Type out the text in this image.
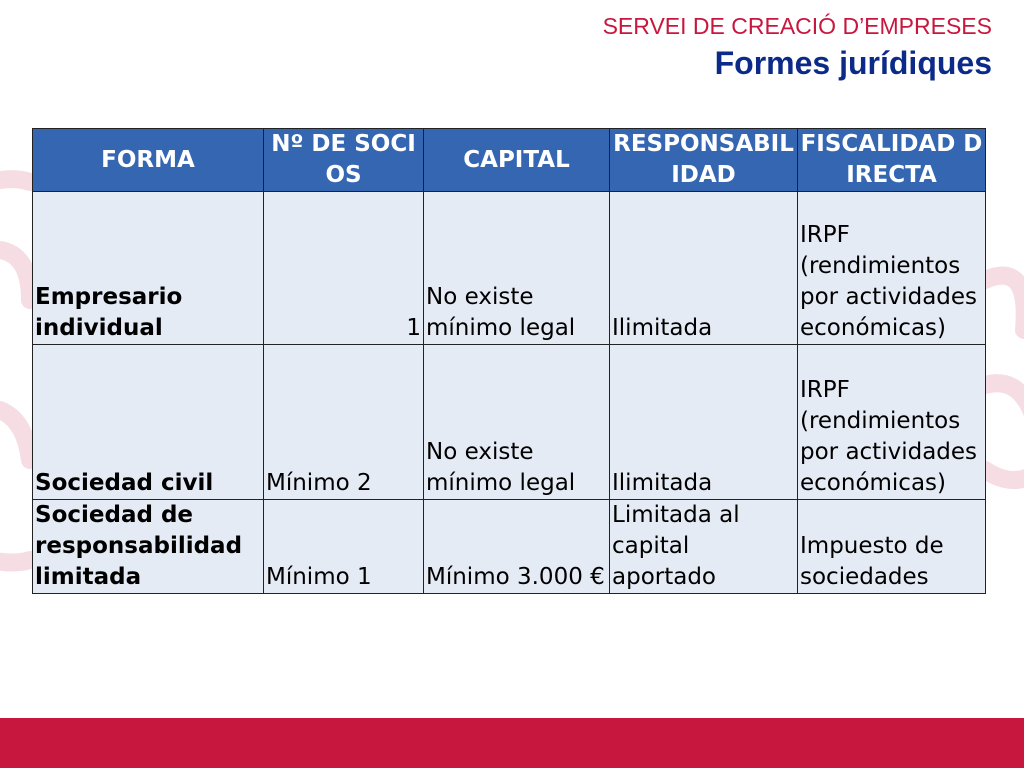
SERVEI DE CREACIÓ D’EMPRESES
Formes jurídiques
FORMA	Nº DE SOCIOS	CAPITAL	RESPONSABILIDAD	FISCALIDAD DIRECTA
Empresario individual	1	No existe mínimo legal	Ilimitada	IRPF (rendimientos por actividades económicas)
Sociedad civil	Mínimo 2	No existe mínimo legal	Ilimitada	IRPF (rendimientos por actividades económicas)
Sociedad de responsabilidad limitada	Mínimo 1	Mínimo 3.000 €	Limitada al capital aportado	Impuesto de sociedades
